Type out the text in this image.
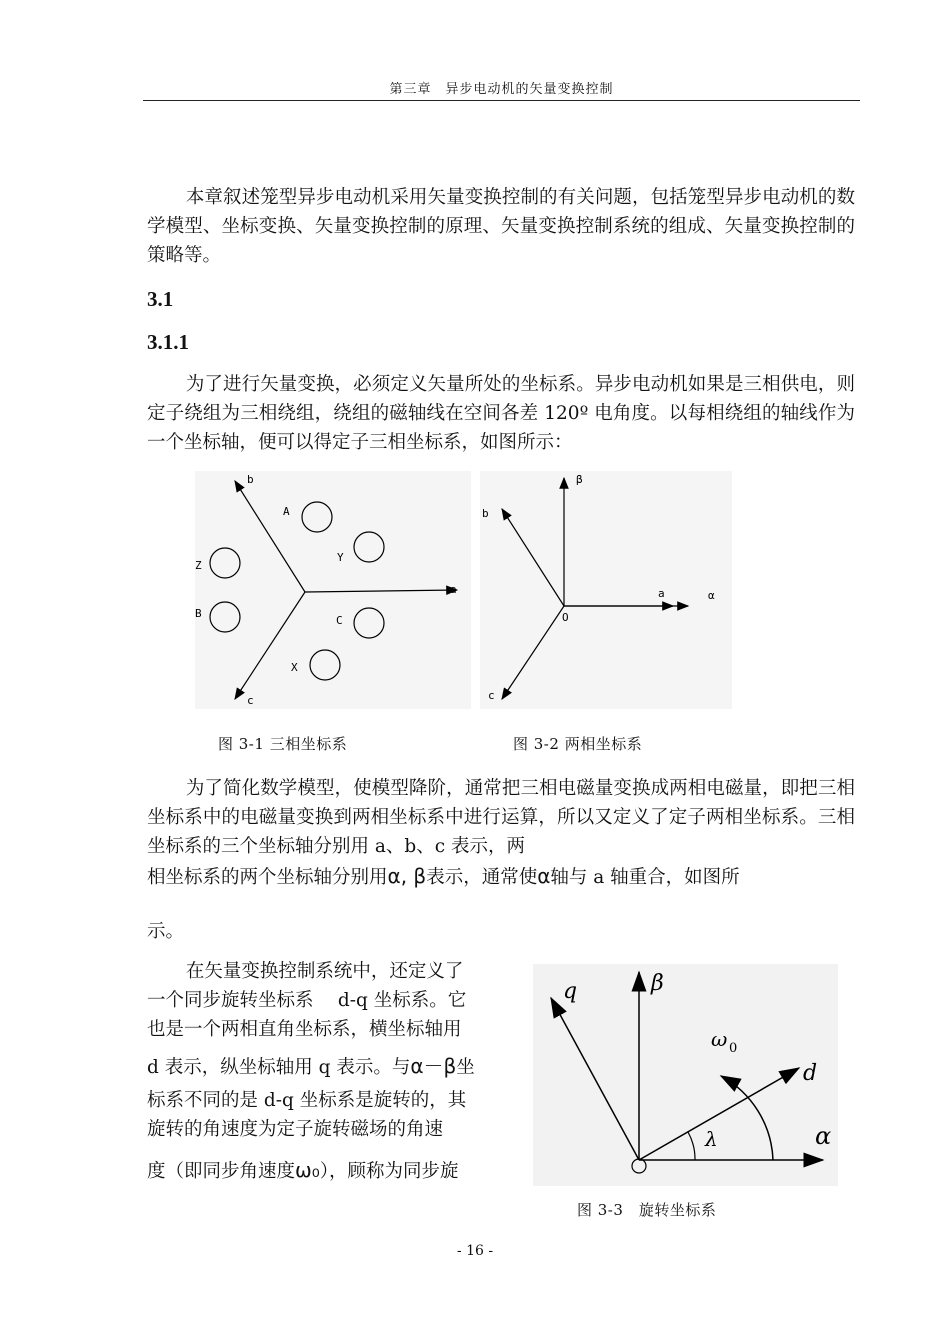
第三章　异步电动机的矢量变换控制

本章叙述笼型异步电动机采用矢量变换控制的有关问题，包括笼型异步电动机的数学模型、坐标变换、矢量变换控制的原理、矢量变换控制系统的组成、矢量变换控制的策略等。

3.1
3.1.1

为了进行矢量变换，必须定义矢量所处的坐标系。异步电动机如果是三相供电，则定子绕组为三相绕组，绕组的磁轴线在空间各差 120º 电角度。以每相绕组的轴线作为一个坐标轴，便可以得定子三相坐标系，如图所示：

a
b
c
A
Y
Z
B
C
X
β
α
a
b
c
O
图 3-1 三相坐标系	图 3-2 两相坐标系

为了简化数学模型，使模型降阶，通常把三相电磁量变换成两相电磁量，即把三相坐标系中的电磁量变换到两相坐标系中进行运算，所以又定义了定子两相坐标系。三相坐标系的三个坐标轴分别用 a、b、c 表示，两

相坐标系的两个坐标轴分别用α, β表示，通常使α轴与 a 轴重合，如图所

示。

在矢量变换控制系统中，还定义了
一个同步旋转坐标系　 d-q 坐标系。它
也是一个两相直角坐标系，横坐标轴用
d 表示，纵坐标轴用 q 表示。与α－β坐
标系不同的是 d-q 坐标系是旋转的，其
旋转的角速度为定子旋转磁场的角速
度（即同步角速度ω₀），顾称为同步旋

q	β
ω 0
d
λ	α
图 3-3　旋转坐标系
- 16 -
